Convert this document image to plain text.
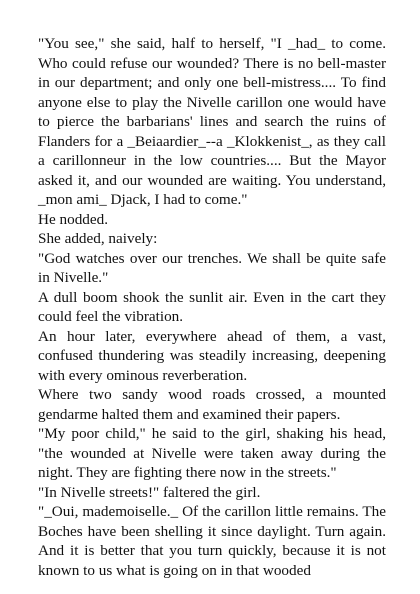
"You see," she said, half to herself, "I _had_ to come. Who could refuse our wounded? There is no bell-master in our department; and only one bell-mistress.... To find anyone else to play the Nivelle carillon one would have to pierce the barbarians' lines and search the ruins of Flanders for a _Beiaardier_--a _Klokkenist_, as they call a carillonneur in the low countries.... But the Mayor asked it, and our wounded are waiting. You understand, _mon ami_ Djack, I had to come."

He nodded.

She added, naively:

"God watches over our trenches. We shall be quite safe in Nivelle."

A dull boom shook the sunlit air. Even in the cart they could feel the vibration.

An hour later, everywhere ahead of them, a vast, confused thundering was steadily increasing, deepening with every ominous reverberation.

Where two sandy wood roads crossed, a mounted gendarme halted them and examined their papers.

"My poor child," he said to the girl, shaking his head, "the wounded at Nivelle were taken away during the night. They are fighting there now in the streets."

"In Nivelle streets!" faltered the girl.

"_Oui, mademoiselle._ Of the carillon little remains. The Boches have been shelling it since daylight. Turn again. And it is better that you turn quickly, because it is not known to us what is going on in that wooded
